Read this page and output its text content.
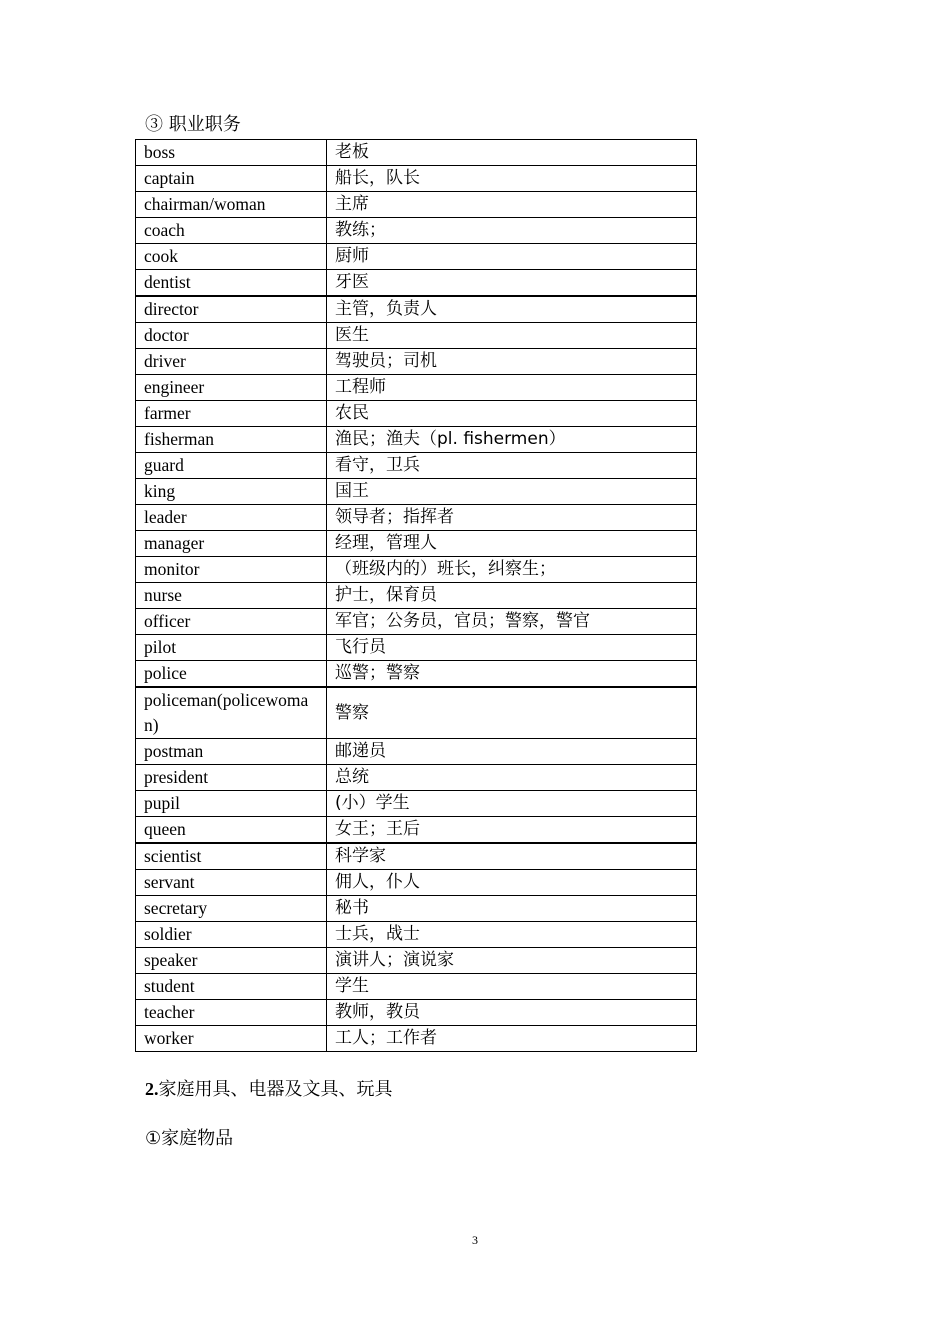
③ 职业职务
boss	老板
captain	船长，队长
chairman/woman	主席
coach	教练；
cook	厨师
dentist	牙医
director	主管，负责人
doctor	医生
driver	驾驶员；司机
engineer	工程师
farmer	农民
fisherman	渔民；渔夫（pl. fishermen）
guard	看守，卫兵
king	国王
leader	领导者；指挥者
manager	经理，管理人
monitor	（班级内的）班长，纠察生；
nurse	护士，保育员
officer	军官；公务员，官员；警察，警官
pilot	飞行员
police	巡警；警察
policeman(policewoman)	警察
postman	邮递员
president	总统
pupil	(小）学生
queen	女王；王后
scientist	科学家
servant	佣人，仆人
secretary	秘书
soldier	士兵，战士
speaker	演讲人；演说家
student	学生
teacher	教师，教员
worker	工人；工作者
2.家庭用具、电器及文具、玩具
①家庭物品
3
